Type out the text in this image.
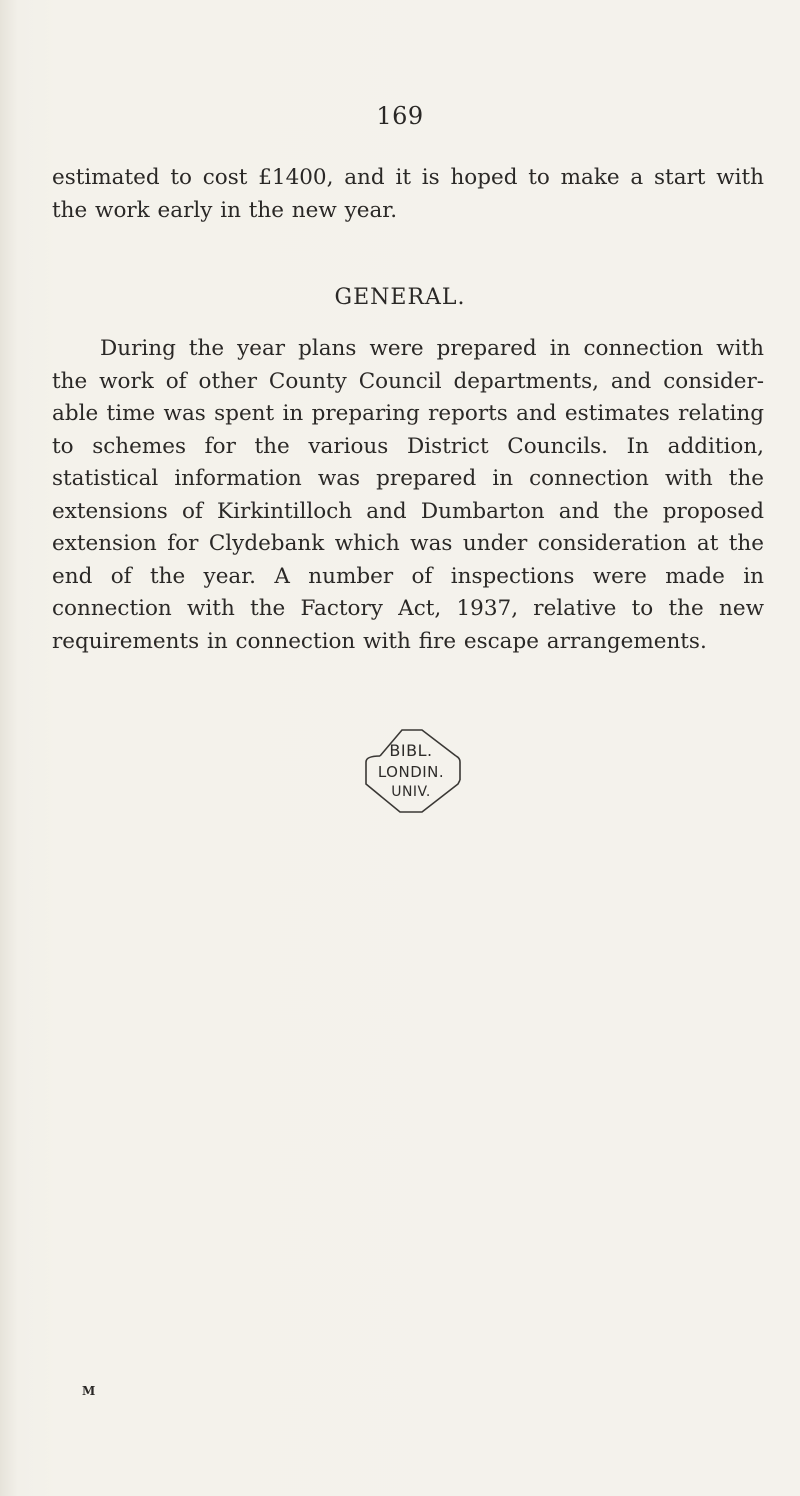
169
estimated to cost £1400, and it is hoped to make a start with the work early in the new year.
GENERAL.
During the year plans were prepared in connection with the work of other County Council departments, and considerable time was spent in preparing reports and estimates relating to schemes for the various District Councils. In addition, statistical information was prepared in connection with the extensions of Kirkintilloch and Dumbarton and the proposed extension for Clydebank which was under consideration at the end of the year. A number of inspections were made in connection with the Factory Act, 1937, relative to the new requirements in connection with fire escape arrangements.
BIBL.
LONDIN.
UNIV.
M
